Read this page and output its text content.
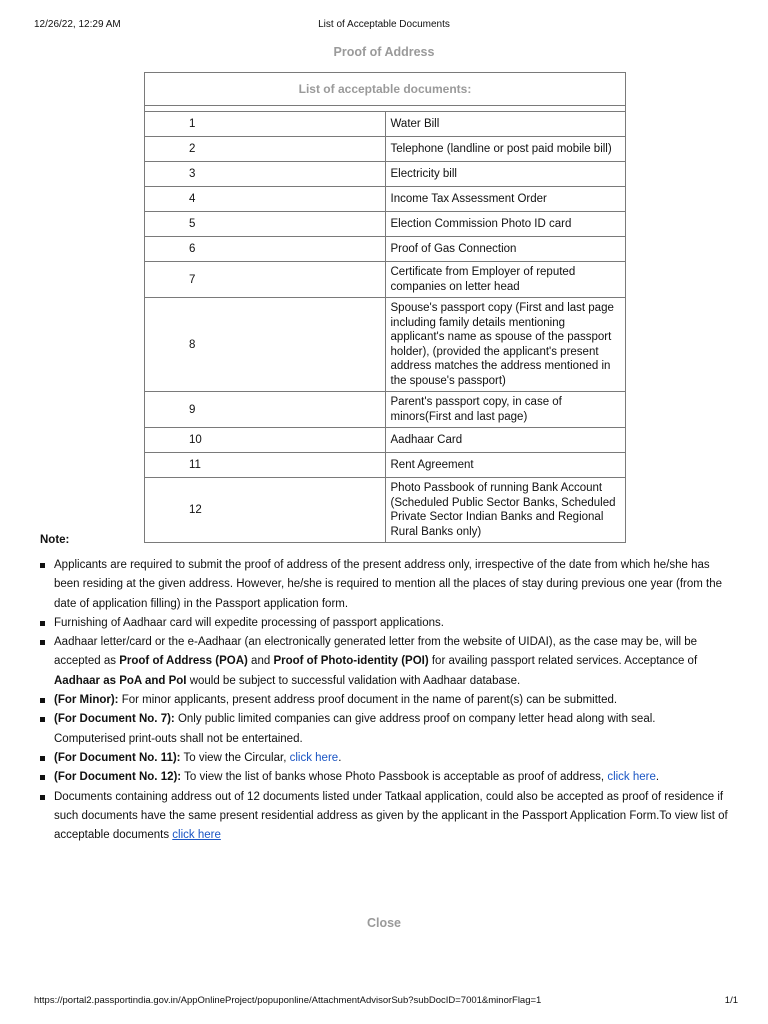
12/26/22, 12:29 AM	List of Acceptable Documents
Proof of Address
List of acceptable documents:	

1	Water Bill
2	Telephone (landline or post paid mobile bill)
3	Electricity bill
4	Income Tax Assessment Order
5	Election Commission Photo ID card
6	Proof of Gas Connection
7	Certificate from Employer of reputed companies on letter head
8	Spouse's passport copy (First and last page including family details mentioning applicant's name as spouse of the passport holder), (provided the applicant's present address matches the address mentioned in the spouse's passport)
9	Parent's passport copy, in case of minors(First and last page)
10	Aadhaar Card
11	Rent Agreement
12	Photo Passbook of running Bank Account (Scheduled Public Sector Banks, Scheduled Private Sector Indian Banks and Regional Rural Banks only)
Note:
Applicants are required to submit the proof of address of the present address only, irrespective of the date from which he/she has been residing at the given address. However, he/she is required to mention all the places of stay during previous one year (from the date of application filling) in the Passport application form.
Furnishing of Aadhaar card will expedite processing of passport applications.
Aadhaar letter/card or the e-Aadhaar (an electronically generated letter from the website of UIDAI), as the case may be, will be accepted as Proof of Address (POA) and Proof of Photo-identity (POI) for availing passport related services. Acceptance of Aadhaar as PoA and PoI would be subject to successful validation with Aadhaar database.
(For Minor): For minor applicants, present address proof document in the name of parent(s) can be submitted.
(For Document No. 7): Only public limited companies can give address proof on company letter head along with seal. Computerised print-outs shall not be entertained.
(For Document No. 11): To view the Circular, click here.
(For Document No. 12): To view the list of banks whose Photo Passbook is acceptable as proof of address, click here.
Documents containing address out of 12 documents listed under Tatkaal application, could also be accepted as proof of residence if such documents have the same present residential address as given by the applicant in the Passport Application Form.To view list of acceptable documents click here
Close
https://portal2.passportindia.gov.in/AppOnlineProject/popuponline/AttachmentAdvisorSub?subDocID=7001&minorFlag=1	1/1
